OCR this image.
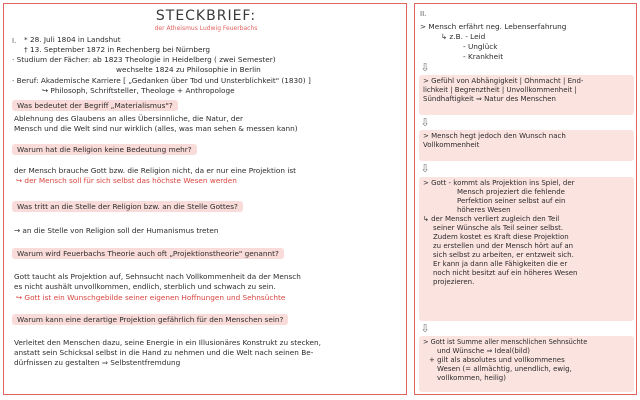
STECKBRIEF:
der Atheismus Ludwig Feuerbachs
I. * 28. Juli 1804 in Landshut
† 13. September 1872 in Rechenberg bei Nürnberg
· Studium der Fächer: ab 1823 Theologie in Heidelberg ( zwei Semester)
wechselte 1824 zu Philosophie in Berlin
· Beruf: Akademische Karriere [ „Gedanken über Tod und Unsterblichkeit" (1830) ]
↪ Philosoph, Schriftsteller, Theologe + Anthropologe
Was bedeutet der Begriff „Materialismus"?
Ablehnung des Glaubens an alles Übersinnliche, die Natur, der
Mensch und die Welt sind nur wirklich (alles, was man sehen & messen kann)
Warum hat die Religion keine Bedeutung mehr?
der Mensch brauche Gott bzw. die Religion nicht, da er nur eine Projektion ist
↪ der Mensch soll für sich selbst das höchste Wesen werden
Was tritt an die Stelle der Religion bzw. an die Stelle Gottes?
→ an die Stelle von Religion soll der Humanismus treten
Warum wird Feuerbachs Theorie auch oft „Projektionstheorie" genannt?
Gott taucht als Projektion auf, Sehnsucht nach Vollkommenheit da der Mensch
es nicht aushält unvollkommen, endlich, sterblich und schwach zu sein.
↪ Gott ist ein Wunschgebilde seiner eigenen Hoffnungen und Sehnsüchte
Warum kann eine derartige Projektion gefährlich für den Menschen sein?
Verleitet den Menschen dazu, seine Energie in ein Illusionäres Konstrukt zu stecken,
anstatt sein Schicksal selbst in die Hand zu nehmen und die Welt nach seinen Be-
dürfnissen zu gestalten ⇒ Selbstentfremdung
II.
> Mensch erfährt neg. Lebenserfahrung
↳ z.B. - Leid
- Unglück
- Krankheit
⇩
> Gefühl von Abhängigkeit | Ohnmacht | End-
lichkeit | Begrenztheit | Unvollkommenheit |
Sündhaftigkeit ⇒ Natur des Menschen
⇩
> Mensch hegt jedoch den Wunsch nach
Vollkommenheit
⇩
> Gott - kommt als Projektion ins Spiel, der
Mensch projeziert die fehlende
Perfektion seiner selbst auf ein
höheres Wesen
↳ der Mensch verliert zugleich den Teil
seiner Wünsche als Teil seiner selbst.
Zudem kostet es Kraft diese Projektion
zu erstellen und der Mensch hört auf an
sich selbst zu arbeiten, er entzweit sich.
Er kann ja dann alle Fähigkeiten die er
noch nicht besitzt auf ein höheres Wesen
projezieren.
⇩
> Gott ist Summe aller menschlichen Sehnsüchte
und Wünsche ⇒ Ideal(bild)
+ gilt als absolutes und vollkommenes
Wesen (= allmächtig, unendlich, ewig,
vollkommen, heilig)
